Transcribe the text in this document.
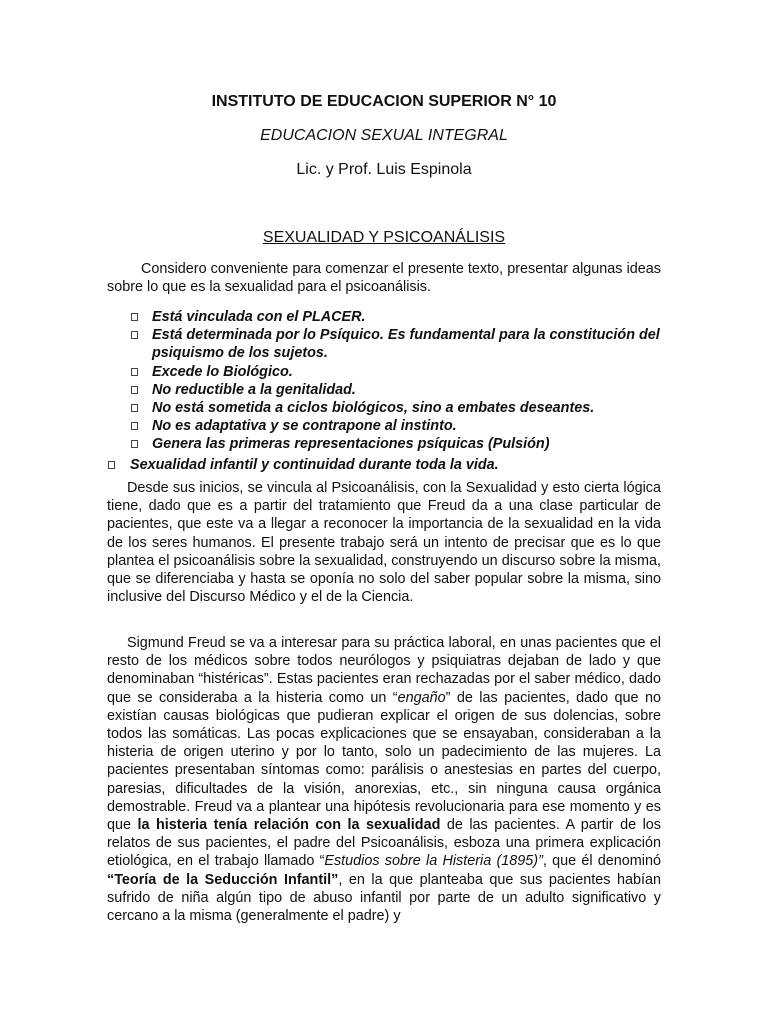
INSTITUTO DE EDUCACION SUPERIOR N° 10
EDUCACION SEXUAL INTEGRAL
Lic. y Prof. Luis Espinola
SEXUALIDAD Y PSICOANÁLISIS

Considero conveniente para comenzar el presente texto, presentar algunas ideas sobre lo que es la sexualidad para el psicoanálisis.

Está vinculada con el PLACER.
Está determinada por lo Psíquico. Es fundamental para la constitución del psiquismo de los sujetos.
Excede lo Biológico.
No reductible a la genitalidad.
No está sometida a ciclos biológicos, sino a embates deseantes.
No es adaptativa y se contrapone al instinto.
Genera las primeras representaciones psíquicas (Pulsión)
Sexualidad infantil y continuidad durante toda la vida.

Desde sus inicios, se vincula al Psicoanálisis, con la Sexualidad y esto cierta lógica tiene, dado que es a partir del tratamiento que Freud da a una clase particular de pacientes, que este va a llegar a reconocer la importancia de la sexualidad en la vida de los seres humanos. El presente trabajo será un intento de precisar que es lo que plantea el psicoanálisis sobre la sexualidad, construyendo un discurso sobre la misma, que se diferenciaba y hasta se oponía no solo del saber popular sobre la misma, sino inclusive del Discurso Médico y el de la Ciencia.

Sigmund Freud se va a interesar para su práctica laboral, en unas pacientes que el resto de los médicos sobre todos neurólogos y psiquiatras dejaban de lado y que denominaban “histéricas”. Estas pacientes eran rechazadas por el saber médico, dado que se consideraba a la histeria como un “engaño” de las pacientes, dado que no existían causas biológicas que pudieran explicar el origen de sus dolencias, sobre todos las somáticas. Las pocas explicaciones que se ensayaban, consideraban a la histeria de origen uterino y por lo tanto, solo un padecimiento de las mujeres. La pacientes presentaban síntomas como: parálisis o anestesias en partes del cuerpo, paresias, dificultades de la visión, anorexias, etc., sin ninguna causa orgánica demostrable. Freud va a plantear una hipótesis revolucionaria para ese momento y es que la histeria tenía relación con la sexualidad de las pacientes. A partir de los relatos de sus pacientes, el padre del Psicoanálisis, esboza una primera explicación etiológica, en el trabajo llamado “Estudios sobre la Histeria (1895)”, que él denominó “Teoría de la Seducción Infantil”, en la que planteaba que sus pacientes habían sufrido de niña algún tipo de abuso infantil por parte de un adulto significativo y cercano a la misma (generalmente el padre) y
